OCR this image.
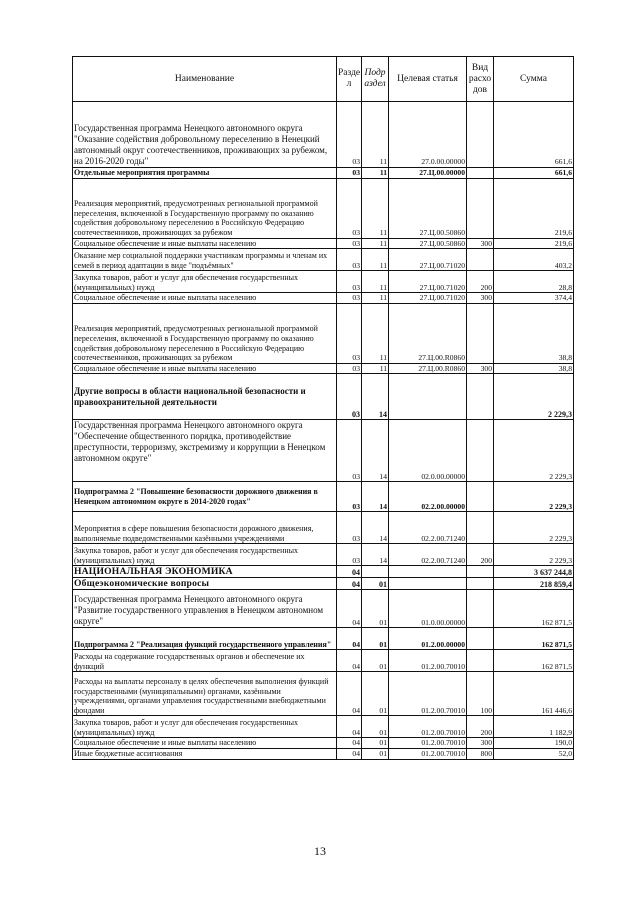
Наименование	Разде л	Подр аздел	Целевая статья	Вид расхо дов	Сумма
Государственная программа Ненецкого автономного округа "Оказание содействия добровольному переселению в Ненецкий автономный округ соотечественников, проживающих за рубежом, на 2016-2020 годы"	03	11	27.0.00.00000		661,6
Отдельные мероприятия программы	03	11	27.Ц.00.00000		661,6
Реализация мероприятий, предусмотренных региональной программой переселения, включенной в Государственную программу по оказанию содействия добровольному переселению в Российскую Федерацию соотечественников, проживающих за рубежом	03	11	27.Ц.00.50860		219,6
Социальное обеспечение и иные выплаты населению	03	11	27.Ц.00.50860	300	219,6
Оказание мер социальной поддержки участникам программы и членам их семей в период адаптации в виде "подъёмных"	03	11	27.Ц.00.71020		403,2
Закупка товаров, работ и услуг для обеспечения государственных (муниципальных) нужд	03	11	27.Ц.00.71020	200	28,8
Социальное обеспечение и иные выплаты населению	03	11	27.Ц.00.71020	300	374,4
Реализация мероприятий, предусмотренных региональной программой переселения, включенной в Государственную программу по оказанию содействия добровольному переселению в Российскую Федерацию соотечественников, проживающих за рубежом	03	11	27.Ц.00.R0860		38,8
Социальное обеспечение и иные выплаты населению	03	11	27.Ц.00.R0860	300	38,8
Другие вопросы в области национальной безопасности и правоохранительной деятельности	03	14			2 229,3
Государственная программа Ненецкого автономного округа "Обеспечение общественного порядка, противодействие преступности, терроризму, экстремизму и коррупции в Ненецком автономном округе"	03	14	02.0.00.00000		2 229,3
Подпрограмма 2 "Повышение безопасности дорожного движения в Ненецком автономном округе в 2014-2020 годах"	03	14	02.2.00.00000		2 229,3
Мероприятия в сфере повышения безопасности дорожного движения, выполняемые подведомственными казёнными учреждениями	03	14	02.2.00.71240		2 229,3
Закупка товаров, работ и услуг для обеспечения государственных (муниципальных) нужд	03	14	02.2.00.71240	200	2 229,3
НАЦИОНАЛЬНАЯ ЭКОНОМИКА	04				3 637 244,8
Общеэкономические вопросы	04	01			218 859,4
Государственная программа Ненецкого автономного округа "Развитие государственного управления в Ненецком автономном округе"	04	01	01.0.00.00000		162 871,5
Подпрограмма 2 "Реализация функций государственного управления"	04	01	01.2.00.00000		162 871,5
Расходы на содержание государственных органов и обеспечение их функций	04	01	01.2.00.70010		162 871,5
Расходы на выплаты персоналу в целях обеспечения выполнения функций государственными (муниципальными) органами, казёнными учреждениями, органами управления государственными внебюджетными фондами	04	01	01.2.00.70010	100	161 446,6
Закупка товаров, работ и услуг для обеспечения государственных (муниципальных) нужд	04	01	01.2.00.70010	200	1 182,9
Социальное обеспечение и иные выплаты населению	04	01	01.2.00.70010	300	190,0
Иные бюджетные ассигнования	04	01	01.2.00.70010	800	52,0
13
